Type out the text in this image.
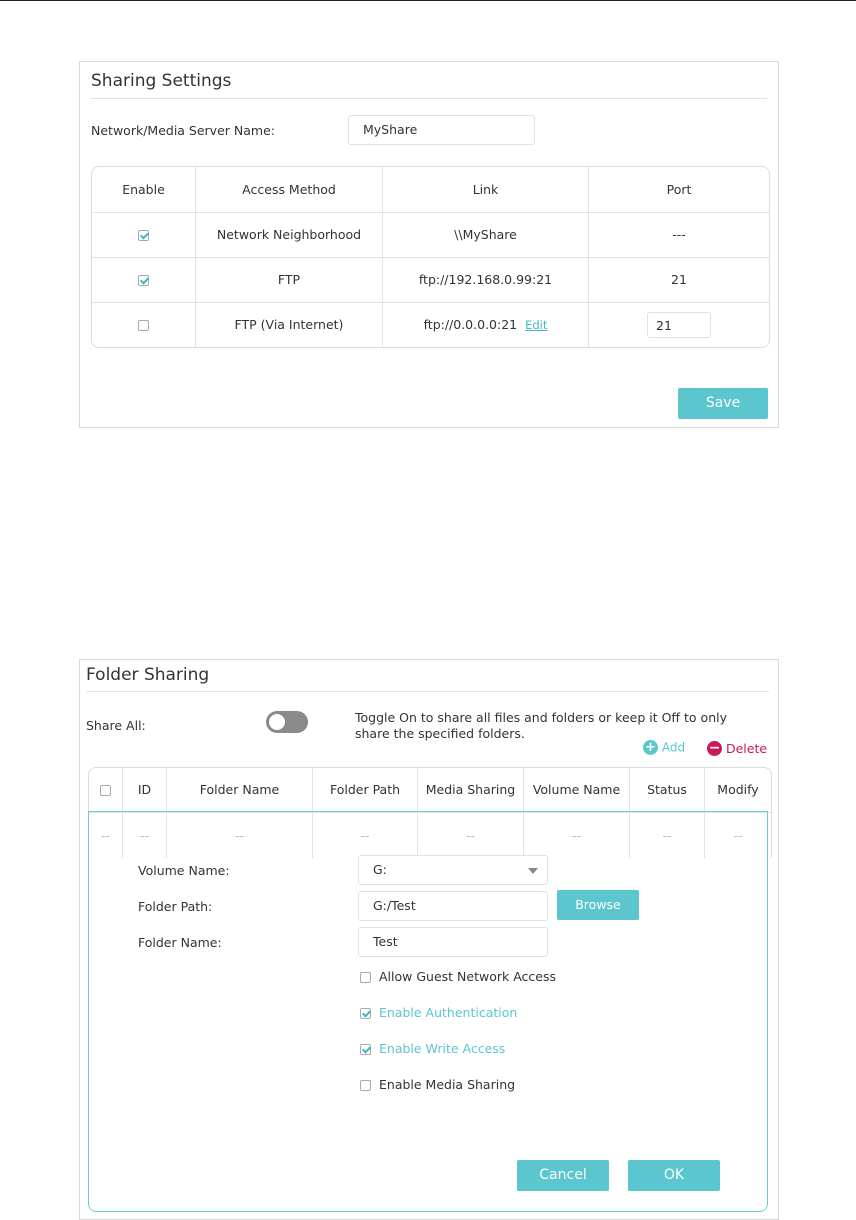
Sharing Settings
Network/Media Server Name:	MyShare
Enable	Access Method	Link	Port
	Network Neighborhood	\\MyShare	---
	FTP	ftp://192.168.0.99:21	21
	FTP (Via Internet)	ftp://0.0.0.0:21 Edit	21
Save
Folder Sharing
Share All:
Toggle On to share all files and folders or keep it Off to only
share the specified folders.
+ Add − Delete
	ID	Folder Name	Folder Path	Media Sharing	Volume Name	Status	Modify
--	--	--	--	--	--	--	--
Volume Name:	G:
Folder Path:	G:/Test	Browse
Folder Name:	Test
Allow Guest Network Access
Enable Authentication
Enable Write Access
Enable Media Sharing
Cancel	OK
